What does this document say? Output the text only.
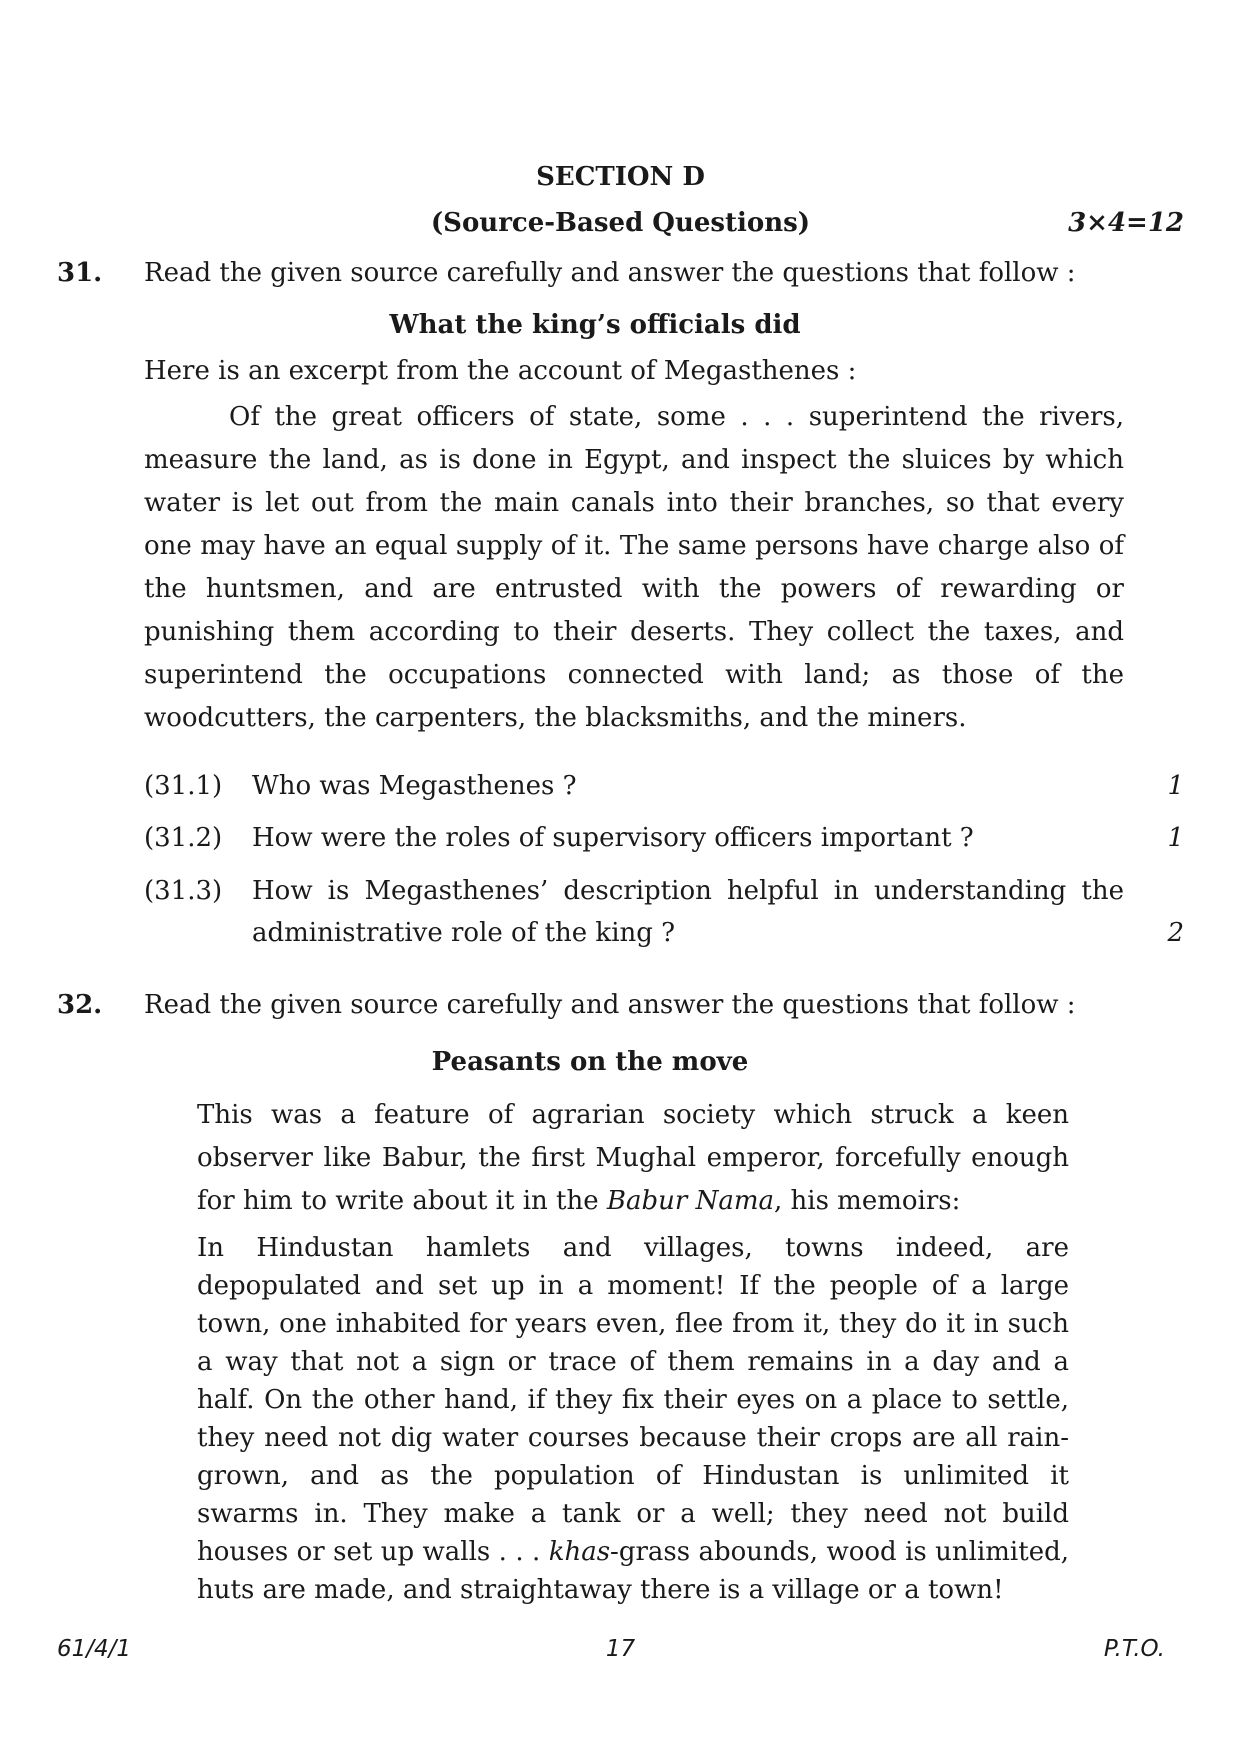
SECTION D
(Source-Based Questions)	3×4=12
31. Read the given source carefully and answer the questions that follow :
What the king’s officials did
Here is an excerpt from the account of Megasthenes :
Of the great officers of state, some . . . superintend the rivers,
measure the land, as is done in Egypt, and inspect the sluices by which
water is let out from the main canals into their branches, so that every
one may have an equal supply of it. The same persons have charge also of
the huntsmen, and are entrusted with the powers of rewarding or
punishing them according to their deserts. They collect the taxes, and
superintend the occupations connected with land; as those of the
woodcutters, the carpenters, the blacksmiths, and the miners.
(31.1) Who was Megasthenes ?	1
(31.2) How were the roles of supervisory officers important ?	1
(31.3) How is Megasthenes’ description helpful in understanding the
administrative role of the king ?	2
32. Read the given source carefully and answer the questions that follow :
Peasants on the move
This was a feature of agrarian society which struck a keen
observer like Babur, the first Mughal emperor, forcefully enough
for him to write about it in the Babur Nama, his memoirs:
In Hindustan hamlets and villages, towns indeed, are
depopulated and set up in a moment! If the people of a large
town, one inhabited for years even, flee from it, they do it in such
a way that not a sign or trace of them remains in a day and a
half. On the other hand, if they fix their eyes on a place to settle,
they need not dig water courses because their crops are all rain-
grown, and as the population of Hindustan is unlimited it
swarms in. They make a tank or a well; they need not build
houses or set up walls . . . khas-grass abounds, wood is unlimited,
huts are made, and straightaway there is a village or a town!
61/4/1	17	P.T.O.
